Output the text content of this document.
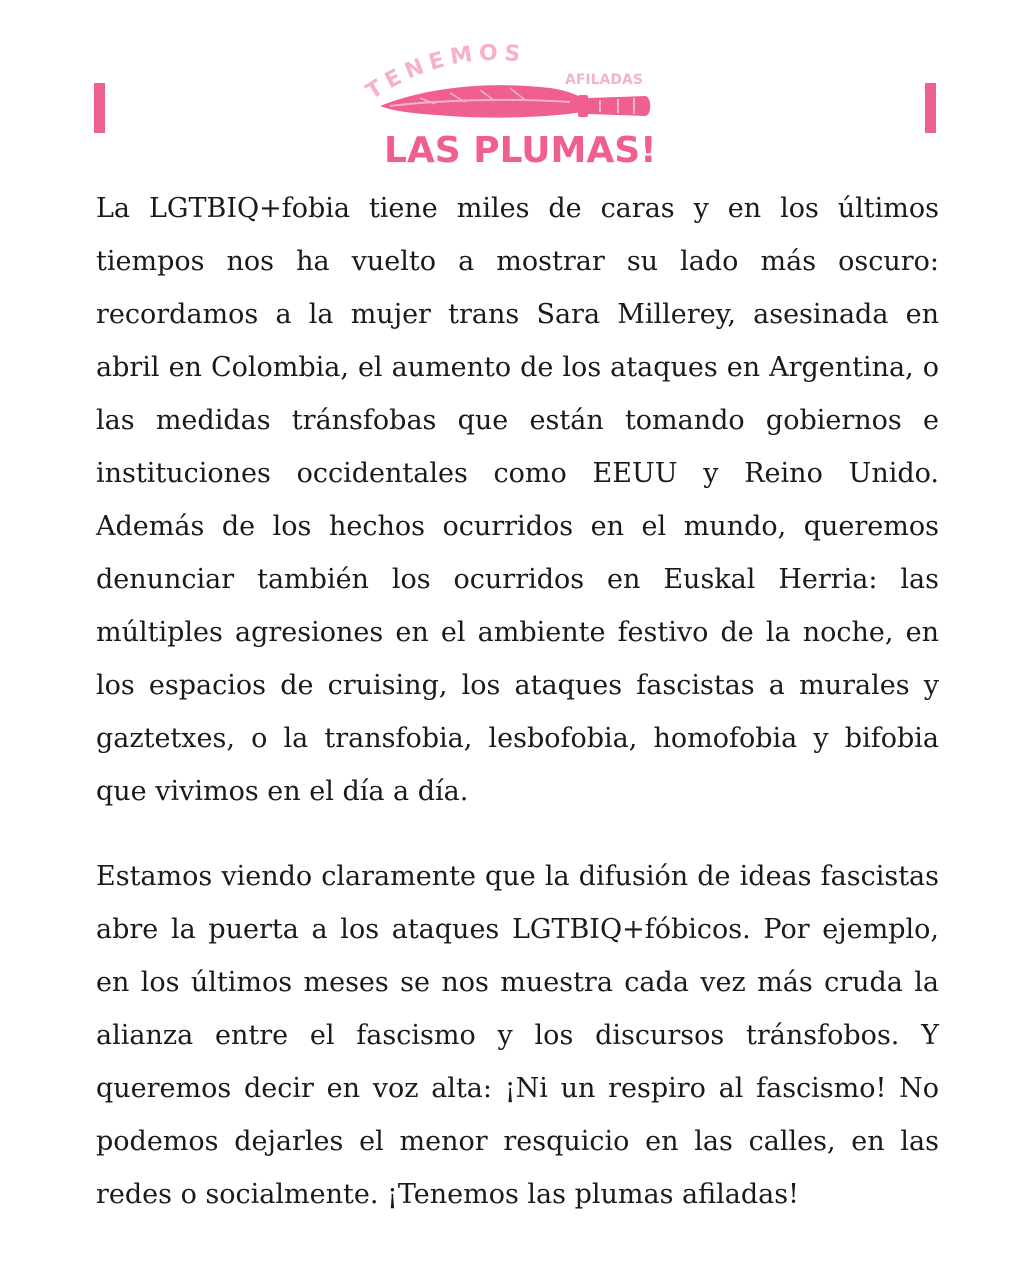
TENEMOS
AFILADAS
LAS PLUMAS!

La LGTBIQ+fobia tiene miles de caras y en los últimos tiempos nos ha vuelto a mostrar su lado más oscuro: recordamos a la mujer trans Sara Millerey, asesinada en abril en Colombia, el aumento de los ataques en Argentina, o las medidas tránsfobas que están tomando gobiernos e instituciones occidentales como EEUU y Reino Unido. Además de los hechos ocurridos en el mundo, queremos denunciar también los ocurridos en Euskal Herria: las múltiples agresiones en el ambiente festivo de la noche, en los espacios de cruising, los ataques fascistas a murales y gaztetxes, o la transfobia, lesbofobia, homofobia y bifobia que vivimos en el día a día.

Estamos viendo claramente que la difusión de ideas fascistas abre la puerta a los ataques LGTBIQ+fóbicos. Por ejemplo, en los últimos meses se nos muestra cada vez más cruda la alianza entre el fascismo y los discursos tránsfobos. Y queremos decir en voz alta: ¡Ni un respiro al fascismo! No podemos dejarles el menor resquicio en las calles, en las redes o socialmente. ¡Tenemos las plumas afiladas!
